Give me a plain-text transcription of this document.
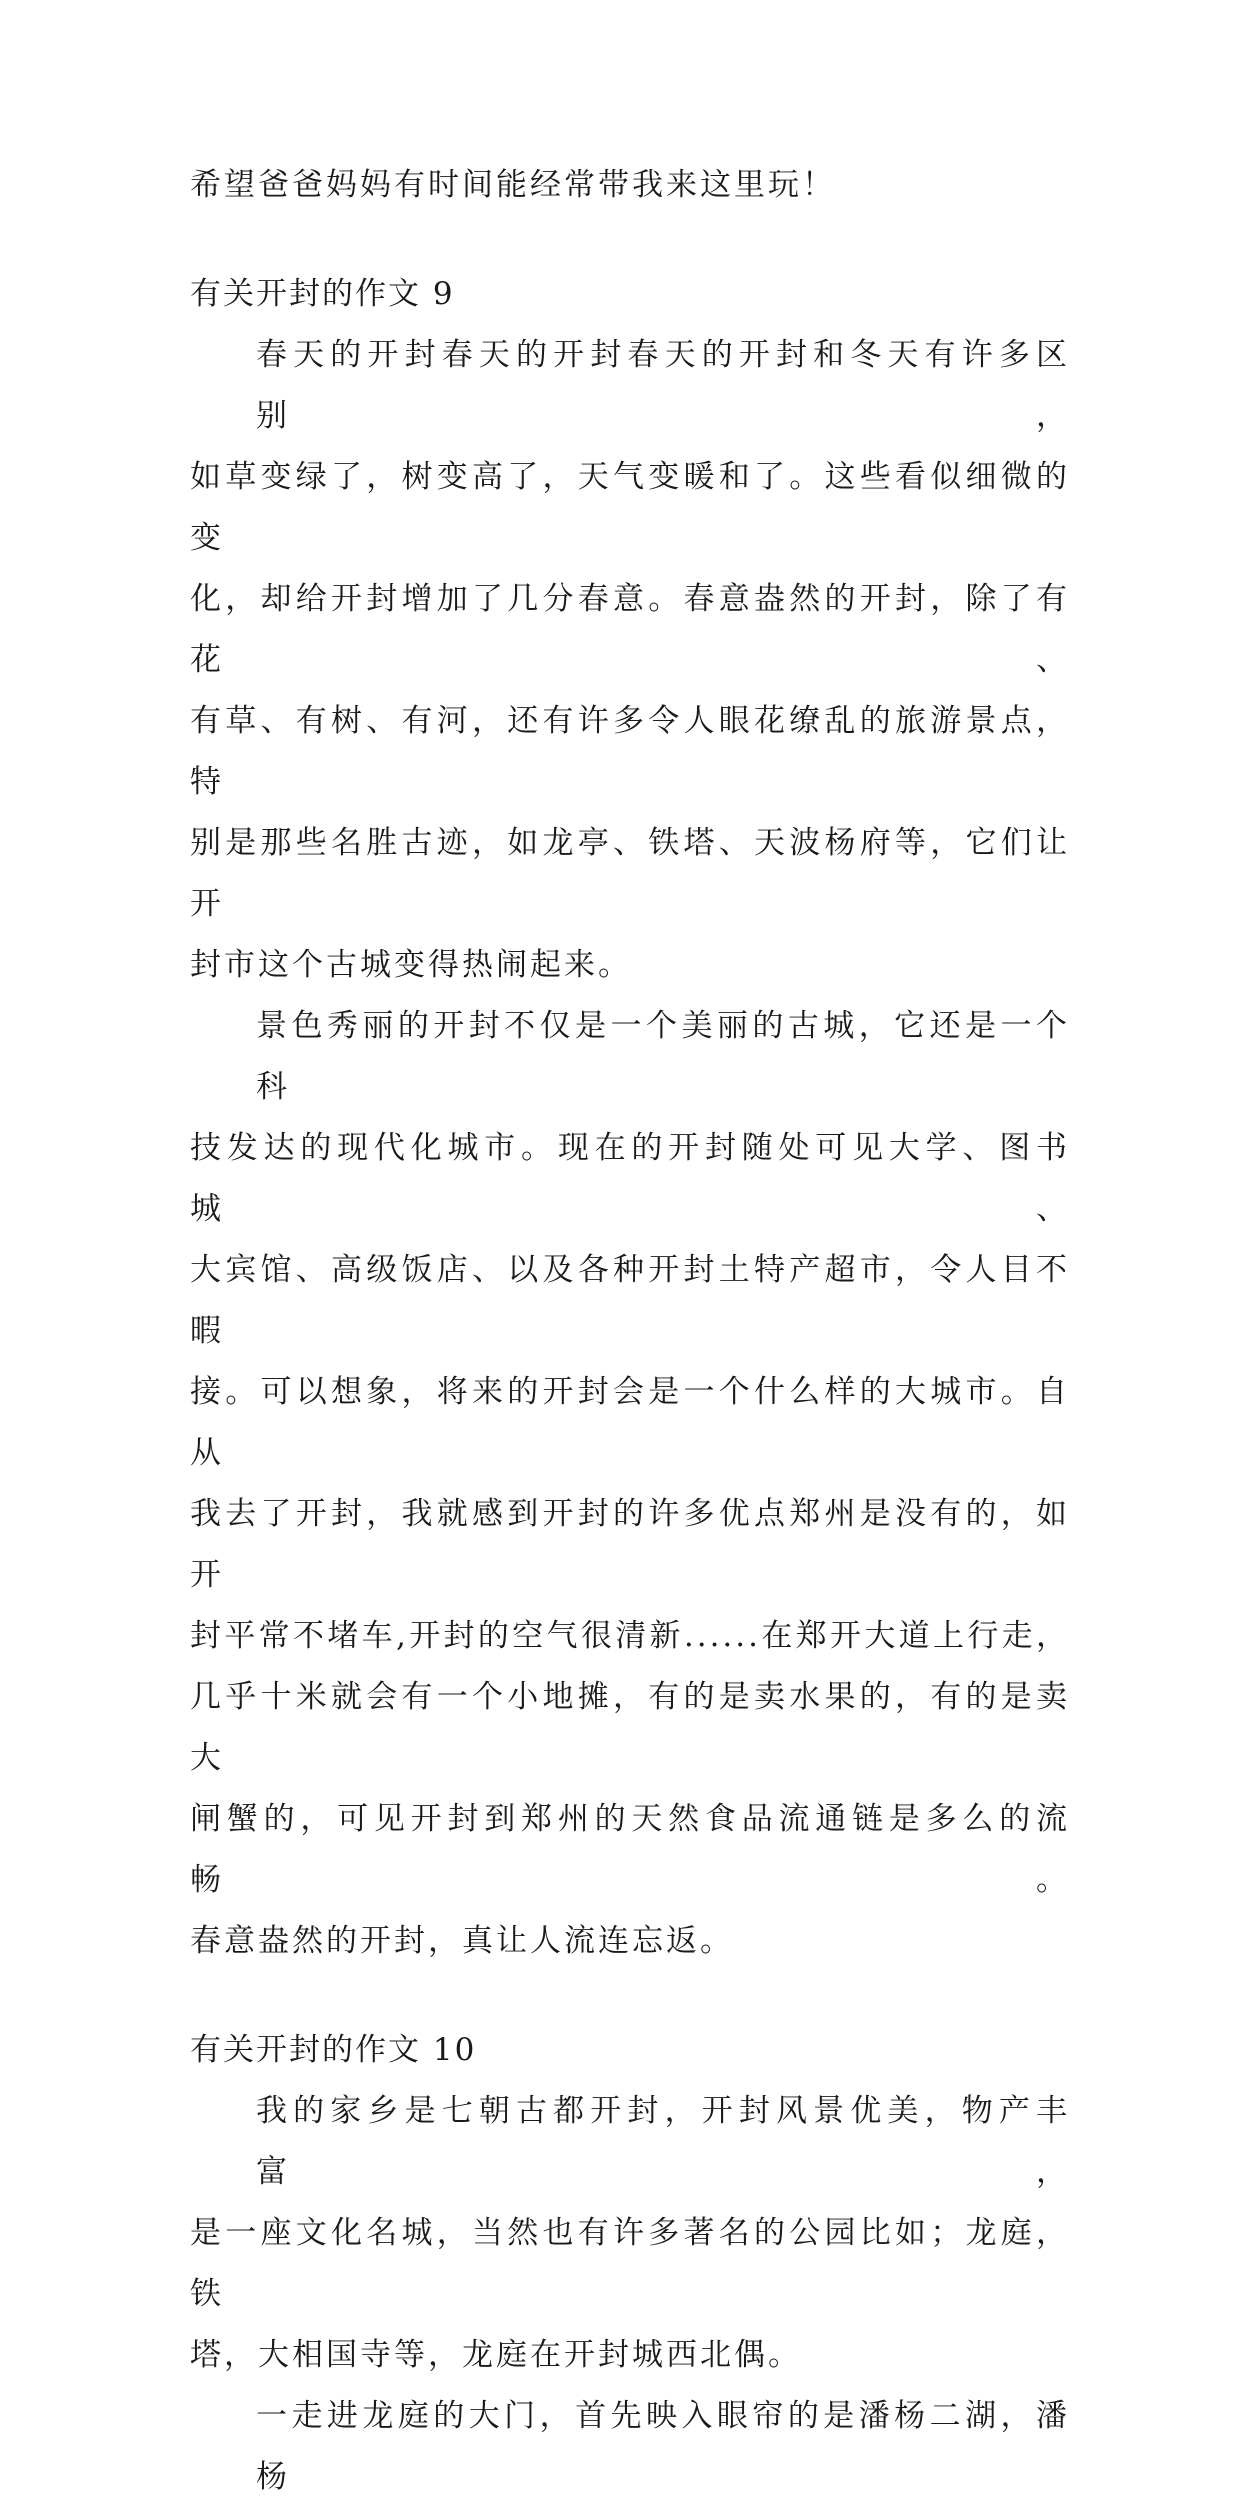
希望爸爸妈妈有时间能经常带我来这里玩！

有关开封的作文 9

春天的开封春天的开封春天的开封和冬天有许多区别，
如草变绿了，树变高了，天气变暖和了。这些看似细微的变
化，却给开封增加了几分春意。春意盎然的开封，除了有花、
有草、有树、有河，还有许多令人眼花缭乱的旅游景点，特
别是那些名胜古迹，如龙亭、铁塔、天波杨府等，它们让开
封市这个古城变得热闹起来。
景色秀丽的开封不仅是一个美丽的古城，它还是一个科
技发达的现代化城市。现在的开封随处可见大学、图书城、
大宾馆、高级饭店、以及各种开封土特产超市，令人目不暇
接。可以想象，将来的开封会是一个什么样的大城市。自从
我去了开封，我就感到开封的许多优点郑州是没有的，如开
封平常不堵车,开封的空气很清新......在郑开大道上行走，
几乎十米就会有一个小地摊，有的是卖水果的，有的是卖大
闸蟹的，可见开封到郑州的天然食品流通链是多么的流畅。
春意盎然的开封，真让人流连忘返。

有关开封的作文 10

我的家乡是七朝古都开封，开封风景优美，物产丰富，
是一座文化名城，当然也有许多著名的公园比如；龙庭，铁
塔，大相国寺等，龙庭在开封城西北偶。
一走进龙庭的大门，首先映入眼帘的是潘杨二湖，潘杨
